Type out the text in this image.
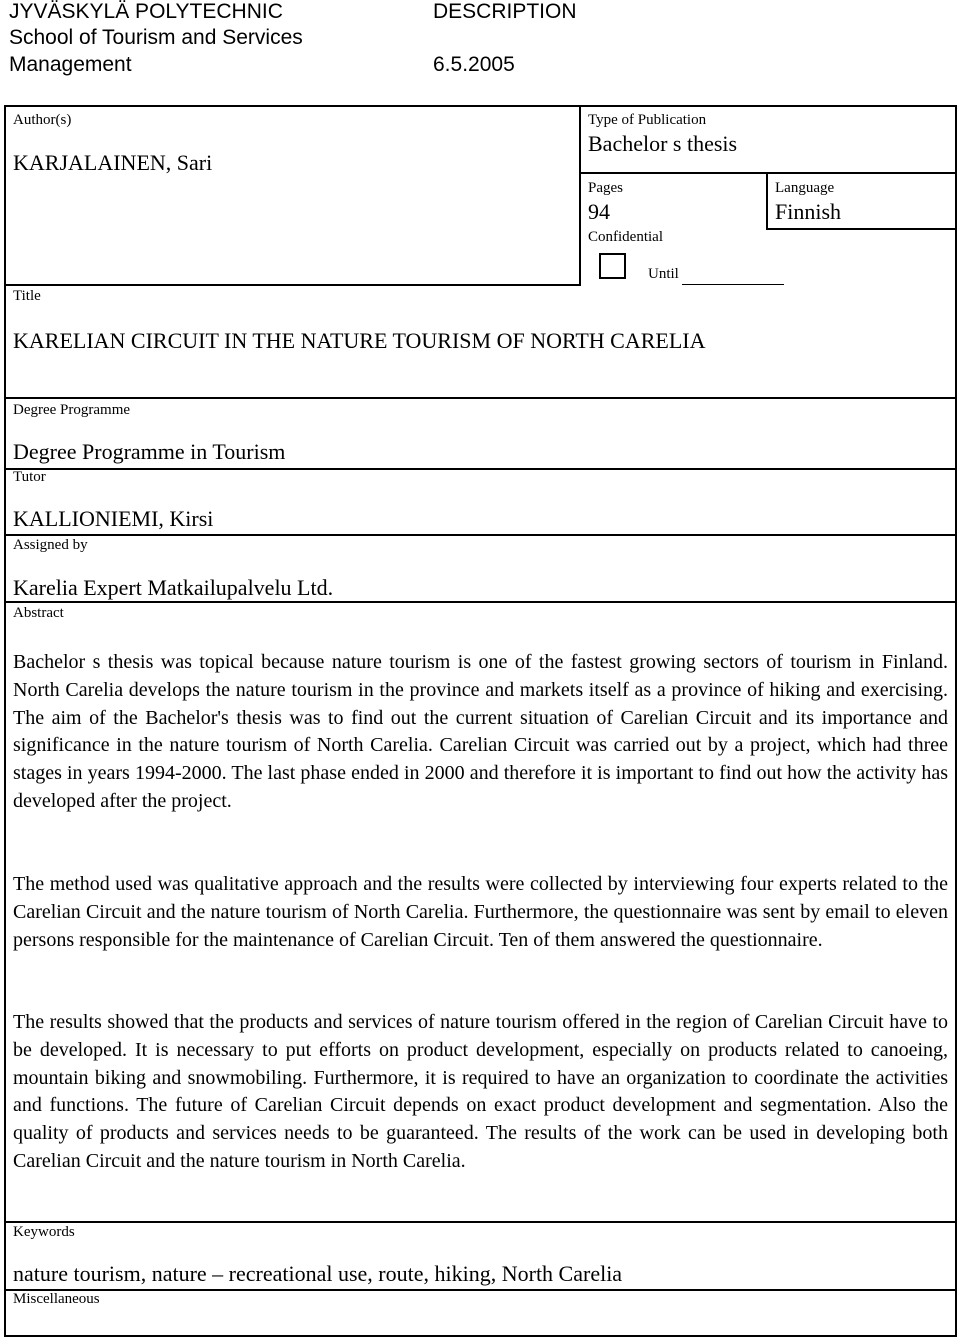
JYVÄSKYLÄ POLYTECHNIC
School of Tourism and Services
Management
DESCRIPTION
6.5.2005
Author(s)
KARJALAINEN, Sari
Type of Publication
Bachelor s thesis
Pages
94
Language
Finnish
Confidential
Until
Title
KARELIAN CIRCUIT IN THE NATURE TOURISM OF NORTH CARELIA
Degree Programme
Degree Programme in Tourism
Tutor
KALLIONIEMI, Kirsi
Assigned by
Karelia Expert Matkailupalvelu Ltd.
Abstract

Bachelor s thesis was topical because nature tourism is one of the fastest growing sectors of tourism in Finland. North Carelia develops the nature tourism in the province and markets itself as a province of hiking and exercising. The aim of the Bachelor's thesis was to find out the current situation of Carelian Circuit and its importance and significance in the nature tourism of North Carelia. Carelian Circuit was carried out by a project, which had three stages in years 1994-2000. The last phase ended in 2000 and therefore it is important to find out how the activity has developed after the project.

The method used was qualitative approach and the results were collected by interviewing four experts related to the Carelian Circuit and the nature tourism of North Carelia. Furthermore, the questionnaire was sent by email to eleven persons responsible for the maintenance of Carelian Circuit. Ten of them answered the questionnaire.

The results showed that the products and services of nature tourism offered in the region of Carelian Circuit have to be developed. It is necessary to put efforts on product development, especially on products related to canoeing, mountain biking and snowmobiling. Furthermore, it is required to have an organization to coordinate the activities and functions. The future of Carelian Circuit depends on exact product development and segmentation. Also the quality of products and services needs to be guaranteed. The results of the work can be used in developing both Carelian Circuit and the nature tourism in North Carelia.

Keywords
nature tourism, nature – recreational use, route, hiking, North Carelia
Miscellaneous
